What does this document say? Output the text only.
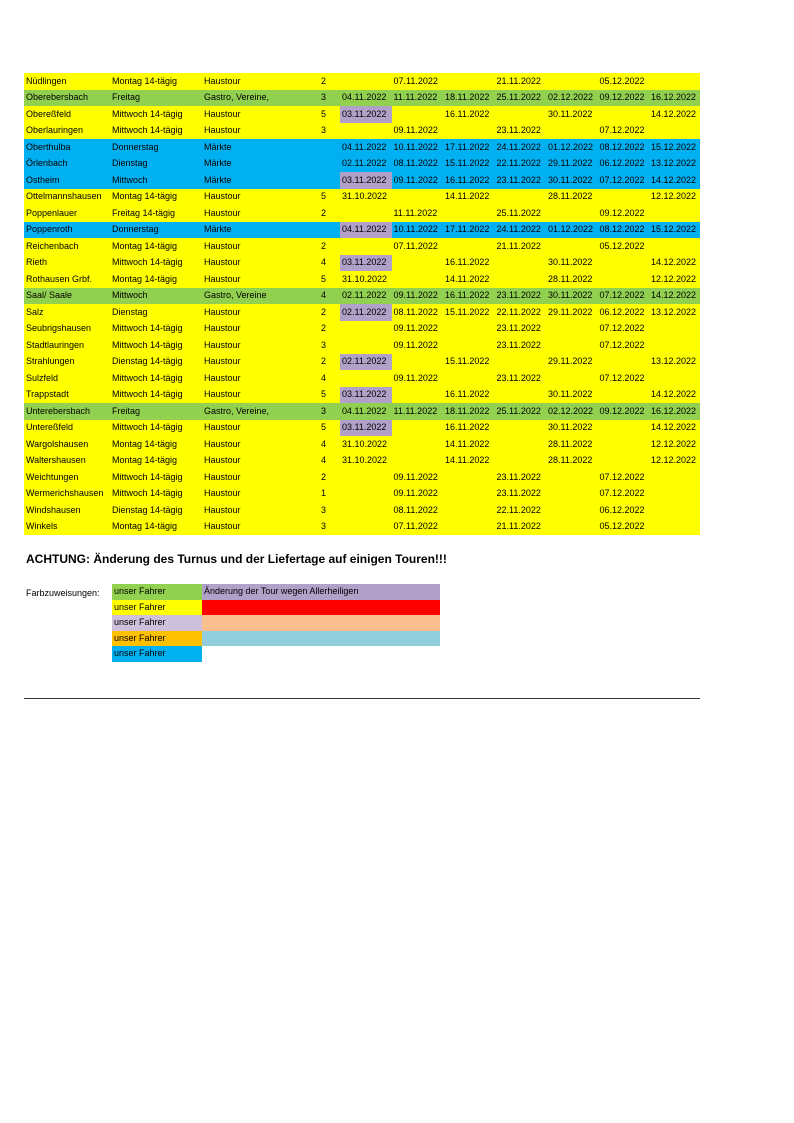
Nüdlingen	Montag 14-tägig	Haustour	2		07.11.2022		21.11.2022		05.12.2022	
Oberebersbach	Freitag	Gastro, Vereine,	3	04.11.2022	11.11.2022	18.11.2022	25.11.2022	02.12.2022	09.12.2022	16.12.2022
Obereßfeld	Mittwoch 14-tägig	Haustour	5	03.11.2022		16.11.2022		30.11.2022		14.12.2022
Oberlauringen	Mittwoch 14-tägig	Haustour	3		09.11.2022		23.11.2022		07.12.2022	
Oberthulba	Donnerstag	Märkte		04.11.2022	10.11.2022	17.11.2022	24.11.2022	01.12.2022	08.12.2022	15.12.2022
Örlenbach	Dienstag	Märkte		02.11.2022	08.11.2022	15.11.2022	22.11.2022	29.11.2022	06.12.2022	13.12.2022
Ostheim	Mittwoch	Märkte		03.11.2022	09.11.2022	16.11.2022	23.11.2022	30.11.2022	07.12.2022	14.12.2022
Ottelmannshausen	Montag 14-tägig	Haustour	5	31.10.2022		14.11.2022		28.11.2022		12.12.2022
Poppenlauer	Freitag 14-tägig	Haustour	2		11.11.2022		25.11.2022		09.12.2022	
Poppenroth	Donnerstag	Märkte		04.11.2022	10.11.2022	17.11.2022	24.11.2022	01.12.2022	08.12.2022	15.12.2022
Reichenbach	Montag 14-tägig	Haustour	2		07.11.2022		21.11.2022		05.12.2022	
Rieth	Mittwoch 14-tägig	Haustour	4	03.11.2022		16.11.2022		30.11.2022		14.12.2022
Rothausen Grbf.	Montag 14-tägig	Haustour	5	31.10.2022		14.11.2022		28.11.2022		12.12.2022
Saal/ Saale	Mittwoch	Gastro, Vereine	4	02.11.2022	09.11.2022	16.11.2022	23.11.2022	30.11.2022	07.12.2022	14.12.2022
Salz	Dienstag	Haustour	2	02.11.2022	08.11.2022	15.11.2022	22.11.2022	29.11.2022	06.12.2022	13.12.2022
Seubrigshausen	Mittwoch 14-tägig	Haustour	2		09.11.2022		23.11.2022		07.12.2022	
Stadtlauringen	Mittwoch 14-tägig	Haustour	3		09.11.2022		23.11.2022		07.12.2022	
Strahlungen	Dienstag 14-tägig	Haustour	2	02.11.2022		15.11.2022		29.11.2022		13.12.2022
Sulzfeld	Mittwoch 14-tägig	Haustour	4		09.11.2022		23.11.2022		07.12.2022	
Trappstadt	Mittwoch 14-tägig	Haustour	5	03.11.2022		16.11.2022		30.11.2022		14.12.2022
Unterebersbach	Freitag	Gastro, Vereine,	3	04.11.2022	11.11.2022	18.11.2022	25.11.2022	02.12.2022	09.12.2022	16.12.2022
Untereßfeld	Mittwoch 14-tägig	Haustour	5	03.11.2022		16.11.2022		30.11.2022		14.12.2022
Wargolshausen	Montag 14-tägig	Haustour	4	31.10.2022		14.11.2022		28.11.2022		12.12.2022
Waltershausen	Montag 14-tägig	Haustour	4	31.10.2022		14.11.2022		28.11.2022		12.12.2022
Weichtungen	Mittwoch 14-tägig	Haustour	2		09.11.2022		23.11.2022		07.12.2022	
Wermerichshausen	Mittwoch 14-tägig	Haustour	1		09.11.2022		23.11.2022		07.12.2022	
Windshausen	Dienstag 14-tägig	Haustour	3		08.11.2022		22.11.2022		06.12.2022	
Winkels	Montag 14-tägig	Haustour	3		07.11.2022		21.11.2022		05.12.2022	
ACHTUNG: Änderung des Turnus und der Liefertage auf einigen Touren!!!
Farbzuweisungen: unser Fahrer	Änderung der Tour wegen Allerheiligen
unser Fahrer	
unser Fahrer	
unser Fahrer	
unser Fahrer	
